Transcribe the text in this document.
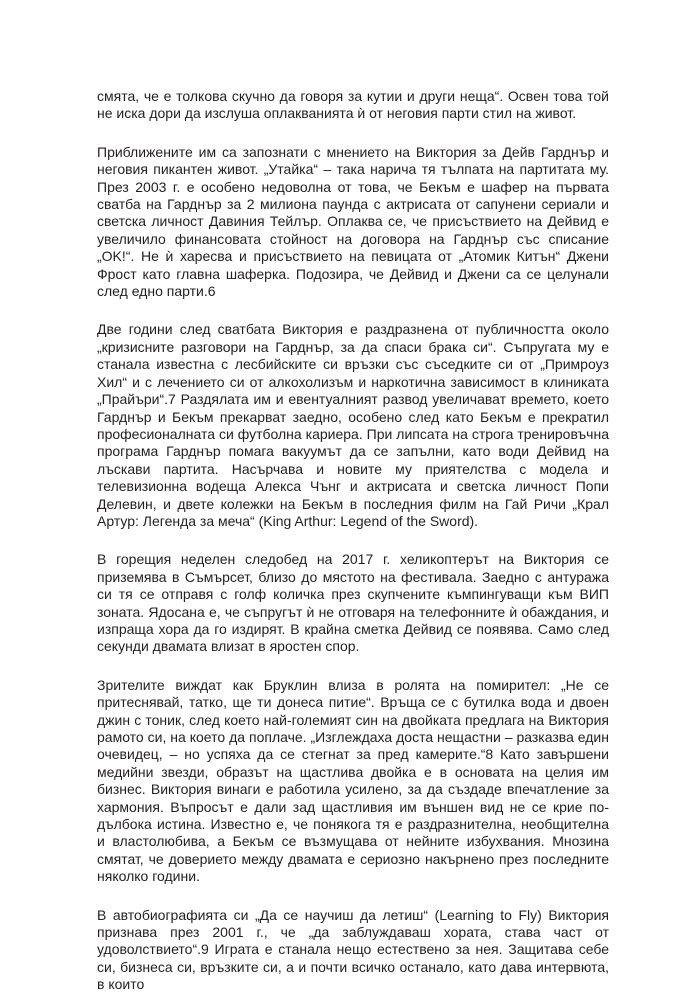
смята, че е толкова скучно да говоря за кутии и други неща“. Освен това той не иска дори да изслуша оплакванията ѝ от неговия парти стил на живот.

Приближените им са запознати с мнението на Виктория за Дейв Гарднър и неговия пикантен живот. „Утайка“ – така нарича тя тълпата на партитата му. През 2003 г. е особено недоволна от това, че Бекъм е шафер на първата сватба на Гарднър за 2 милиона паунда с актрисата от сапунени сериали и светска личност Давиния Тейлър. Оплаква се, че присъствието на Дейвид е увеличило финансовата стойност на договора на Гарднър със списание „OK!“. Не ѝ харесва и присъствието на певицата от „Атомик Китън“ Джени Фрост като главна шаферка. Подозира, че Дейвид и Джени са се целунали след едно парти.6

Две години след сватбата Виктория е раздразнена от публичността около „кризисните разговори на Гарднър, за да спаси брака си“. Съпругата му е станала известна с лесбийските си връзки със съседките си от „Примроуз Хил“ и с лечението си от алкохолизъм и наркотична зависимост в клиниката „Прайъри“.7 Раздялата им и евентуалният развод увеличават времето, което Гарднър и Бекъм прекарват заедно, особено след като Бекъм е прекратил професионалната си футболна кариера. При липсата на строга тренировъчна програма Гарднър помага вакуумът да се запълни, като води Дейвид на лъскави партита. Насърчава и новите му приятелства с модела и телевизионна водеща Алекса Чънг и актрисата и светска личност Попи Делевин, и двете колежки на Бекъм в последния филм на Гай Ричи „Крал Артур: Легенда за меча“ (King Arthur: Legend of the Sword).

В горещия неделен следобед на 2017 г. хеликоптерът на Виктория се приземява в Съмърсет, близо до мястото на фестивала. Заедно с антуража си тя се отправя с голф количка през скупчените къмпингуващи към ВИП зоната. Ядосана е, че съпругът ѝ не отговаря на телефонните ѝ обаждания, и изпраща хора да го издирят. В крайна сметка Дейвид се появява. Само след секунди двамата влизат в яростен спор.

Зрителите виждат как Бруклин влиза в ролята на помирител: „Не се притеснявай, татко, ще ти донеса питие“. Връща се с бутилка вода и двоен джин с тоник, след което най-големият син на двойката предлага на Виктория рамото си, на което да поплаче. „Изглеждаха доста нещастни – разказва един очевидец, – но успяха да се стегнат за пред камерите.“8 Като завършени медийни звезди, образът на щастлива двойка е в основата на целия им бизнес. Виктория винаги е работила усилено, за да създаде впечатление за хармония. Въпросът е дали зад щастливия им външен вид не се крие по-дълбока истина. Известно е, че понякога тя е раздразнителна, необщителна и властолюбива, а Бекъм се възмущава от нейните избухвания. Мнозина смятат, че доверието между двамата е сериозно накърнено през последните няколко години.

В автобиографията си „Да се научиш да летиш“ (Learning to Fly) Виктория признава през 2001 г., че „да заблуждаваш хората, става част от удоволствието“.9 Играта е станала нещо естествено за нея. Защитава себе си, бизнеса си, връзките си, а и почти всичко останало, като дава интервюта, в които
